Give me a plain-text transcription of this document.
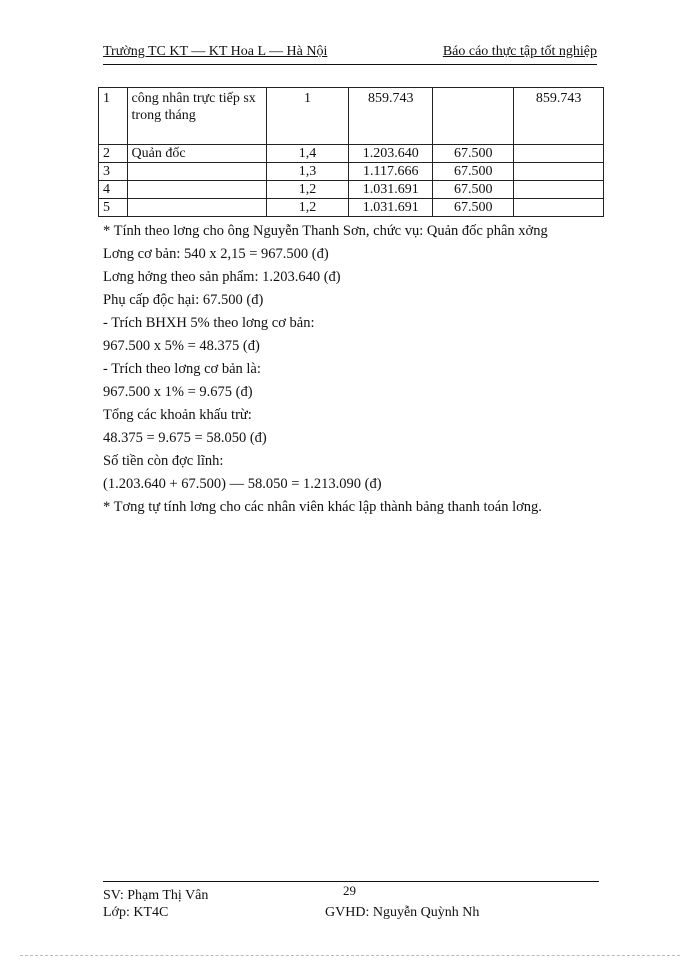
Trường TC KT — KT Hoa L — Hà Nội	Báo cáo thực tập tốt nghiệp
1	công nhân trực tiếp sx trong tháng	1	859.743		859.743
2	Quản đốc	1,4	1.203.640	67.500	
3		1,3	1.117.666	67.500	
4		1,2	1.031.691	67.500	
5		1,2	1.031.691	67.500	

* Tính theo lơng cho ông Nguyễn Thanh Sơn, chức vụ: Quản đốc phân xởng

Lơng cơ bản: 540 x 2,15 = 967.500 (đ)

Lơng hởng theo sản phẩm: 1.203.640 (đ)

Phụ cấp độc hại: 67.500 (đ)

- Trích BHXH 5% theo lơng cơ bản:

967.500 x 5% = 48.375 (đ)

- Trích theo lơng cơ bản là:

967.500 x 1% = 9.675 (đ)

Tổng các khoản khấu trừ:

48.375 = 9.675 = 58.050 (đ)

Số tiền còn đợc lĩnh:

(1.203.640 + 67.500) — 58.050 = 1.213.090 (đ)

* Tơng tự tính lơng cho các nhân viên khác lập thành bảng thanh toán lơng.

29
SV: Phạm Thị Vân
Lớp: KT4C	GVHD: Nguyễn Quỳnh Nh
